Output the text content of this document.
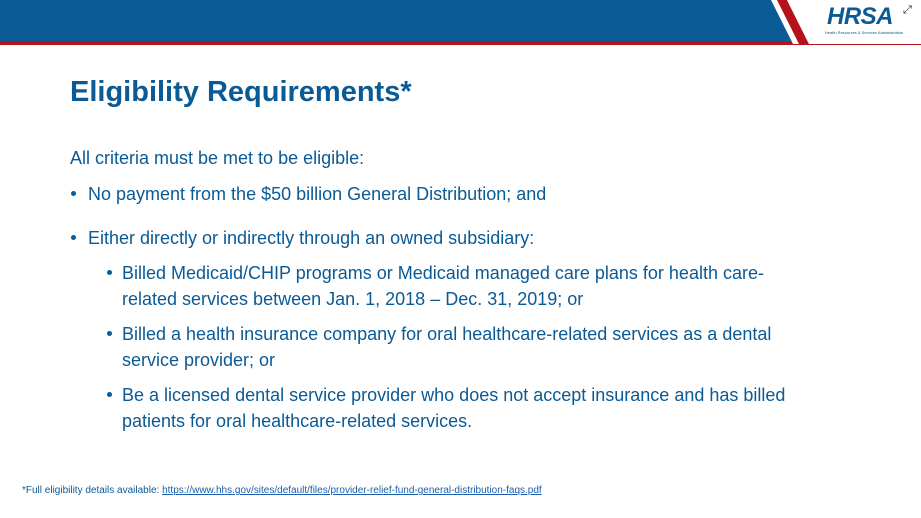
HRSA
Health Resources & Services Administration
⤢
Eligibility Requirements*
All criteria must be met to be eligible:
No payment from the $50 billion General Distribution; and
Either directly or indirectly through an owned subsidiary:
Billed Medicaid/CHIP programs or Medicaid managed care plans for health care-
related services between Jan. 1, 2018 – Dec. 31, 2019; or
Billed a health insurance company for oral healthcare-related services as a dental
service provider; or
Be a licensed dental service provider who does not accept insurance and has billed
patients for oral healthcare-related services.
*Full eligibility details available: https://www.hhs.gov/sites/default/files/provider-relief-fund-general-distribution-faqs.pdf
